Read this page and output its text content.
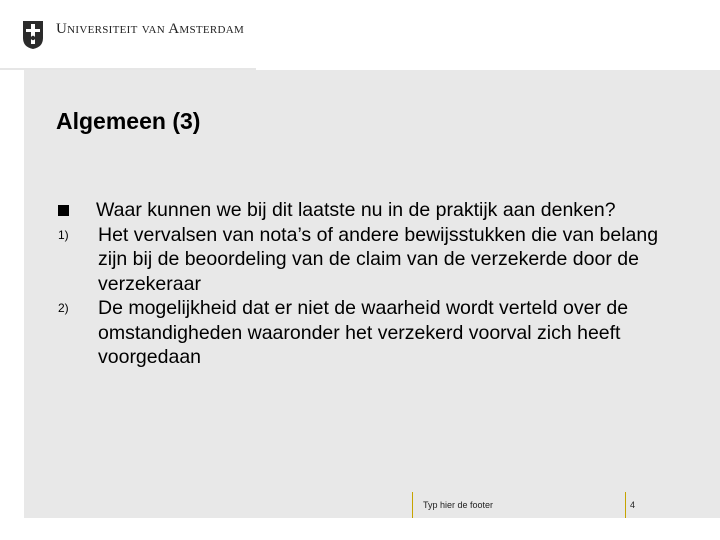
Universiteit van Amsterdam
Algemeen (3)
Waar kunnen we bij dit laatste nu in de praktijk aan denken?
1) Het vervalsen van nota’s of andere bewijsstukken die van belang zijn bij de beoordeling van de claim van de verzekerde door de verzekeraar
2) De mogelijkheid dat er niet de waarheid wordt verteld over de omstandigheden waaronder het verzekerd voorval zich heeft voorgedaan
Typ hier de footer	4
